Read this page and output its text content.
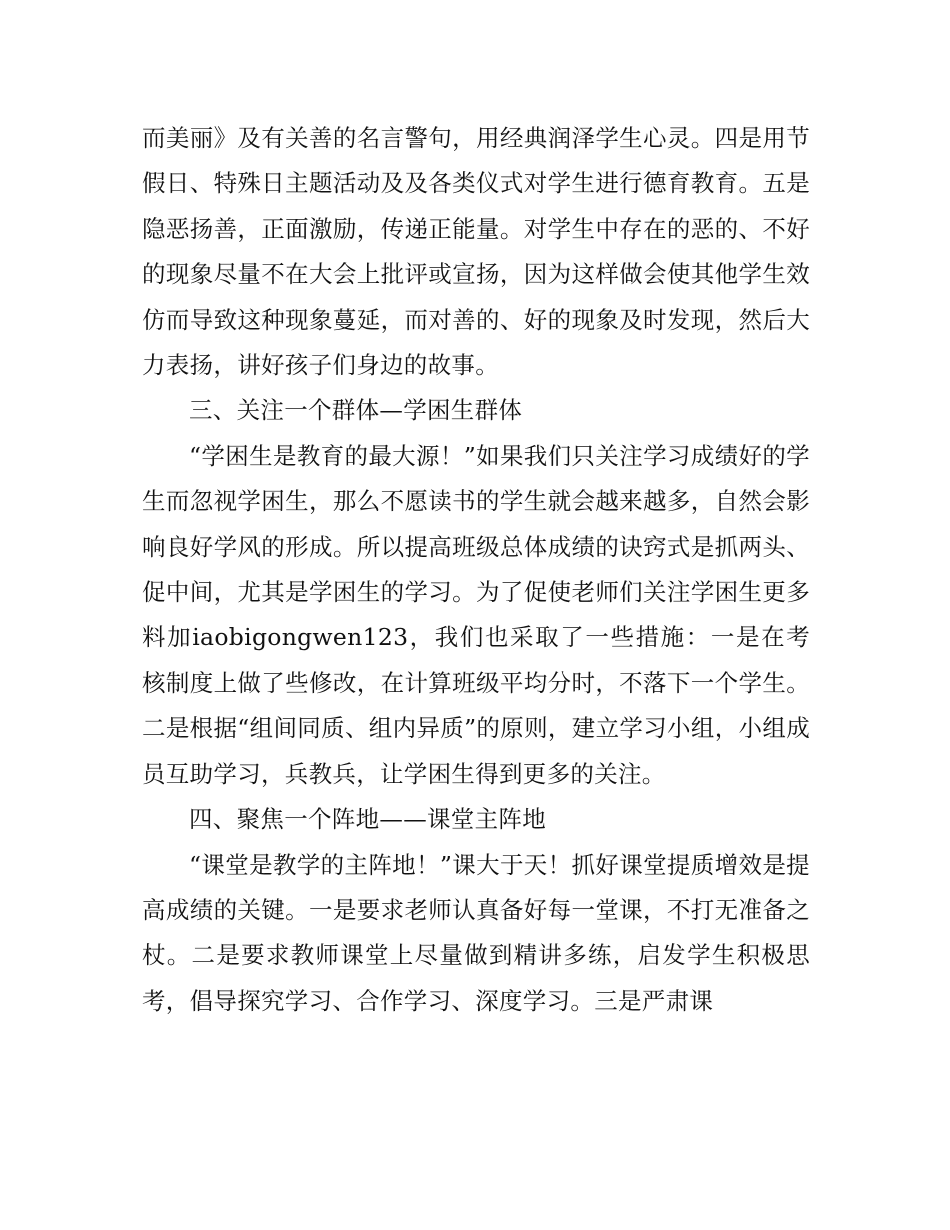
而美丽》及有关善的名言警句，用经典润泽学生心灵。四是用节假日、特殊日主题活动及及各类仪式对学生进行德育教育。五是隐恶扬善，正面激励，传递正能量。对学生中存在的恶的、不好的现象尽量不在大会上批评或宣扬，因为这样做会使其他学生效仿而导致这种现象蔓延，而对善的、好的现象及时发现，然后大力表扬，讲好孩子们身边的故事。

三、关注一个群体—学困生群体

“学困生是教育的最大源！”如果我们只关注学习成绩好的学生而忽视学困生，那么不愿读书的学生就会越来越多，自然会影响良好学风的形成。所以提高班级总体成绩的诀窍式是抓两头、促中间，尤其是学困生的学习。为了促使老师们关注学困生更多料加iaobigongwen123，我们也采取了一些措施：一是在考核制度上做了些修改，在计算班级平均分时，不落下一个学生。二是根据“组间同质、组内异质”的原则，建立学习小组，小组成员互助学习，兵教兵，让学困生得到更多的关注。

四、聚焦一个阵地——课堂主阵地

“课堂是教学的主阵地！”课大于天！抓好课堂提质增效是提高成绩的关键。一是要求老师认真备好每一堂课，不打无准备之杖。二是要求教师课堂上尽量做到精讲多练，启发学生积极思考，倡导探究学习、合作学习、深度学习。三是严肃课
